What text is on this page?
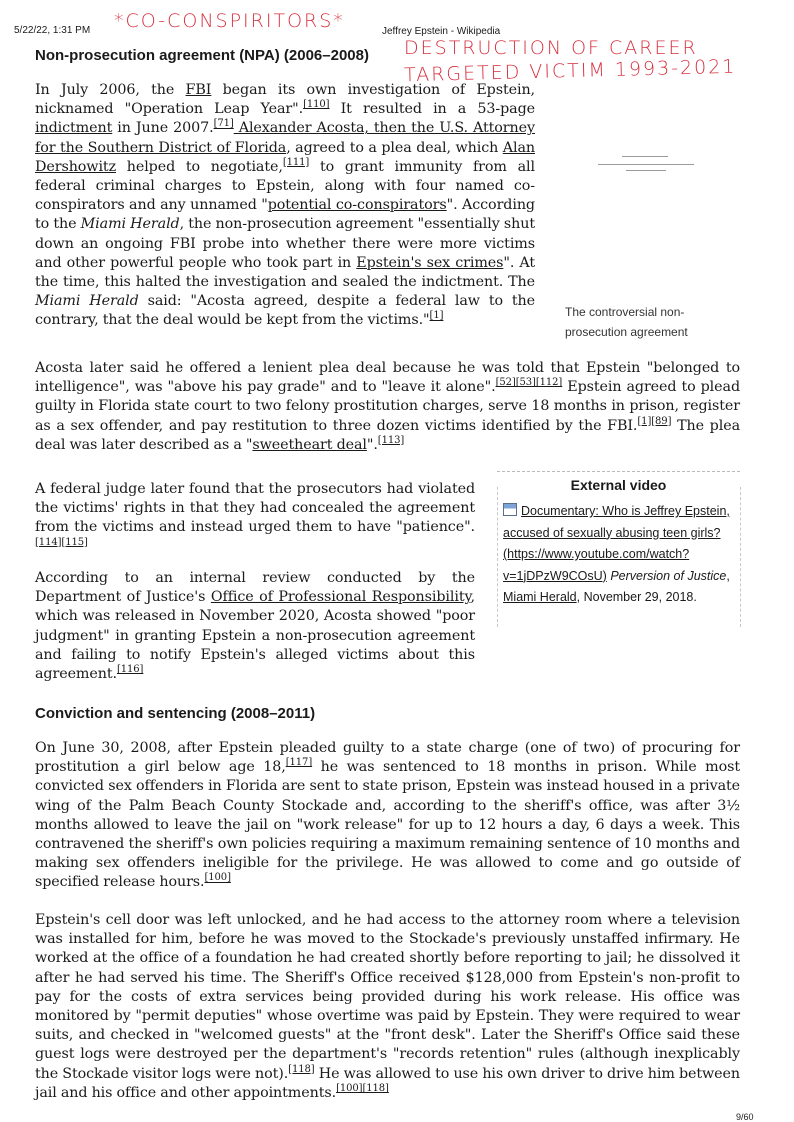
5/22/22, 1:31 PM	Jeffrey Epstein - Wikipedia
*CO-CONSPIRITORS*
DESTRUCTION OF CAREER
TARGETED VICTIM 1993-2021
Non-prosecution agreement (NPA) (2006–2008)

In July 2006, the FBI began its own investigation of Epstein, nicknamed "Operation Leap Year".[110] It resulted in a 53-page indictment in June 2007.[71] Alexander Acosta, then the U.S. Attorney for the Southern District of Florida, agreed to a plea deal, which Alan Dershowitz helped to negotiate,[111] to grant immunity from all federal criminal charges to Epstein, along with four named co-conspirators and any unnamed "potential co-conspirators". According to the Miami Herald, the non-prosecution agreement "essentially shut down an ongoing FBI probe into whether there were more victims and other powerful people who took part in Epstein's sex crimes". At the time, this halted the investigation and sealed the indictment. The Miami Herald said: "Acosta agreed, despite a federal law to the contrary, that the deal would be kept from the victims."[1]	The controversial non-prosecution agreement

Acosta later said he offered a lenient plea deal because he was told that Epstein "belonged to intelligence", was "above his pay grade" and to "leave it alone".[52][53][112] Epstein agreed to plead guilty in Florida state court to two felony prostitution charges, serve 18 months in prison, register as a sex offender, and pay restitution to three dozen victims identified by the FBI.[1][89] The plea deal was later described as a "sweetheart deal".[113]

A federal judge later found that the prosecutors had violated the victims' rights in that they had concealed the agreement from the victims and instead urged them to have "patience".[114][115]

According to an internal review conducted by the Department of Justice's Office of Professional Responsibility, which was released in November 2020, Acosta showed "poor judgment" in granting Epstein a non-prosecution agreement and failing to notify Epstein's alleged victims about this agreement.[116]

External video
Documentary: Who is Jeffrey Epstein, accused of sexually abusing teen girls? (https://www.youtube.com/watch?v=1jDPzW9COsU) Perversion of Justice, Miami Herald, November 29, 2018.
Conviction and sentencing (2008–2011)

On June 30, 2008, after Epstein pleaded guilty to a state charge (one of two) of procuring for prostitution a girl below age 18,[117] he was sentenced to 18 months in prison. While most convicted sex offenders in Florida are sent to state prison, Epstein was instead housed in a private wing of the Palm Beach County Stockade and, according to the sheriff's office, was after 3½ months allowed to leave the jail on "work release" for up to 12 hours a day, 6 days a week. This contravened the sheriff's own policies requiring a maximum remaining sentence of 10 months and making sex offenders ineligible for the privilege. He was allowed to come and go outside of specified release hours.[100]

Epstein's cell door was left unlocked, and he had access to the attorney room where a television was installed for him, before he was moved to the Stockade's previously unstaffed infirmary. He worked at the office of a foundation he had created shortly before reporting to jail; he dissolved it after he had served his time. The Sheriff's Office received $128,000 from Epstein's non-profit to pay for the costs of extra services being provided during his work release. His office was monitored by "permit deputies" whose overtime was paid by Epstein. They were required to wear suits, and checked in "welcomed guests" at the "front desk". Later the Sheriff's Office said these guest logs were destroyed per the department's "records retention" rules (although inexplicably the Stockade visitor logs were not).[118] He was allowed to use his own driver to drive him between jail and his office and other appointments.[100][118]

9/60
